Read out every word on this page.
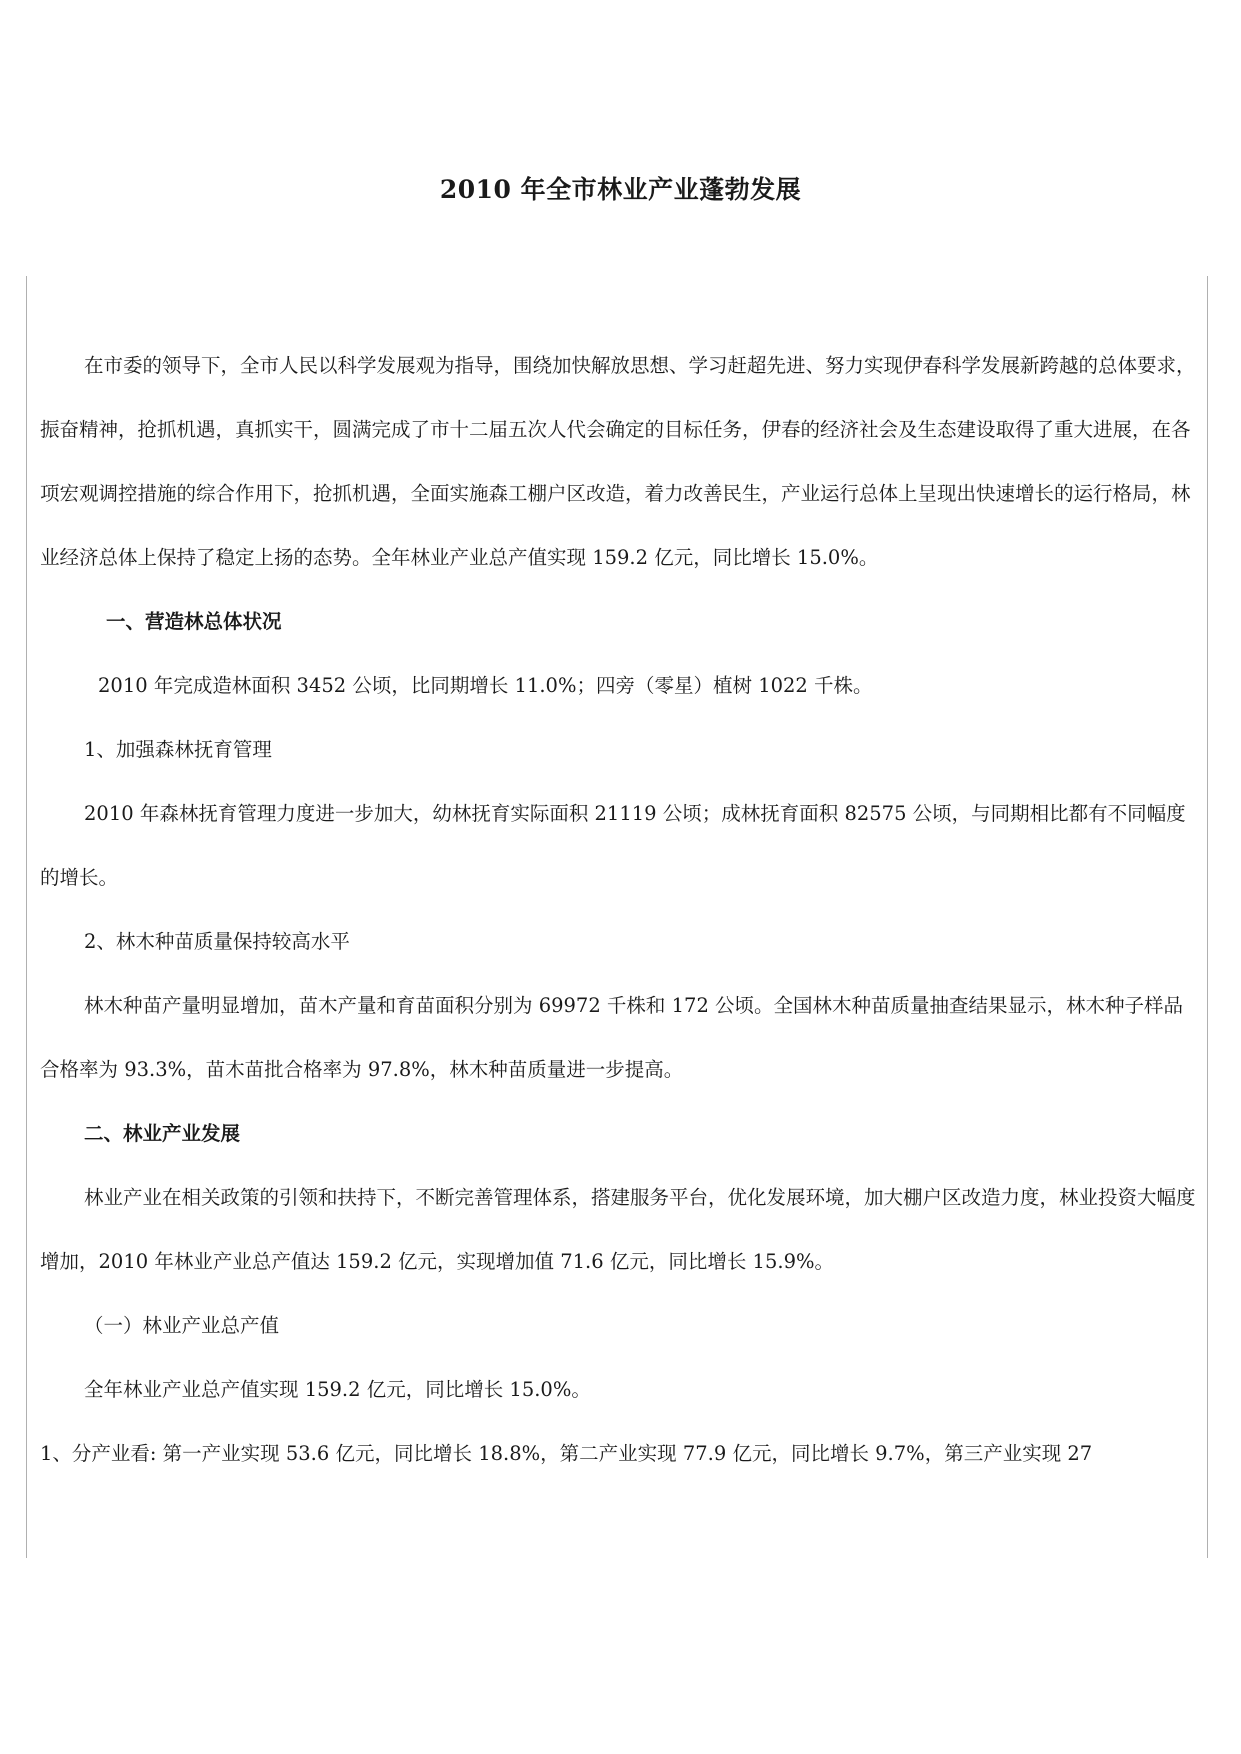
2010 年全市林业产业蓬勃发展

在市委的领导下，全市人民以科学发展观为指导，围绕加快解放思想、学习赶超先进、努力实现伊春科学发展新跨越的总体要求，振奋精神，抢抓机遇，真抓实干，圆满完成了市十二届五次人代会确定的目标任务，伊春的经济社会及生态建设取得了重大进展，在各项宏观调控措施的综合作用下，抢抓机遇，全面实施森工棚户区改造，着力改善民生，产业运行总体上呈现出快速增长的运行格局，林业经济总体上保持了稳定上扬的态势。全年林业产业总产值实现 159.2 亿元，同比增长 15.0%。

一、营造林总体状况

2010 年完成造林面积 3452 公顷，比同期增长 11.0%；四旁（零星）植树 1022 千株。

1、加强森林抚育管理

2010 年森林抚育管理力度进一步加大，幼林抚育实际面积 21119 公顷；成林抚育面积 82575 公顷，与同期相比都有不同幅度的增长。

2、林木种苗质量保持较高水平

林木种苗产量明显增加，苗木产量和育苗面积分别为 69972 千株和 172 公顷。全国林木种苗质量抽查结果显示，林木种子样品合格率为 93.3%，苗木苗批合格率为 97.8%，林木种苗质量进一步提高。

二、林业产业发展

林业产业在相关政策的引领和扶持下，不断完善管理体系，搭建服务平台，优化发展环境，加大棚户区改造力度，林业投资大幅度增加，2010 年林业产业总产值达 159.2 亿元，实现增加值 71.6 亿元，同比增长 15.9%。

（一）林业产业总产值

全年林业产业总产值实现 159.2 亿元，同比增长 15.0%。

1、分产业看: 第一产业实现 53.6 亿元，同比增长 18.8%，第二产业实现 77.9 亿元，同比增长 9.7%，第三产业实现 27
